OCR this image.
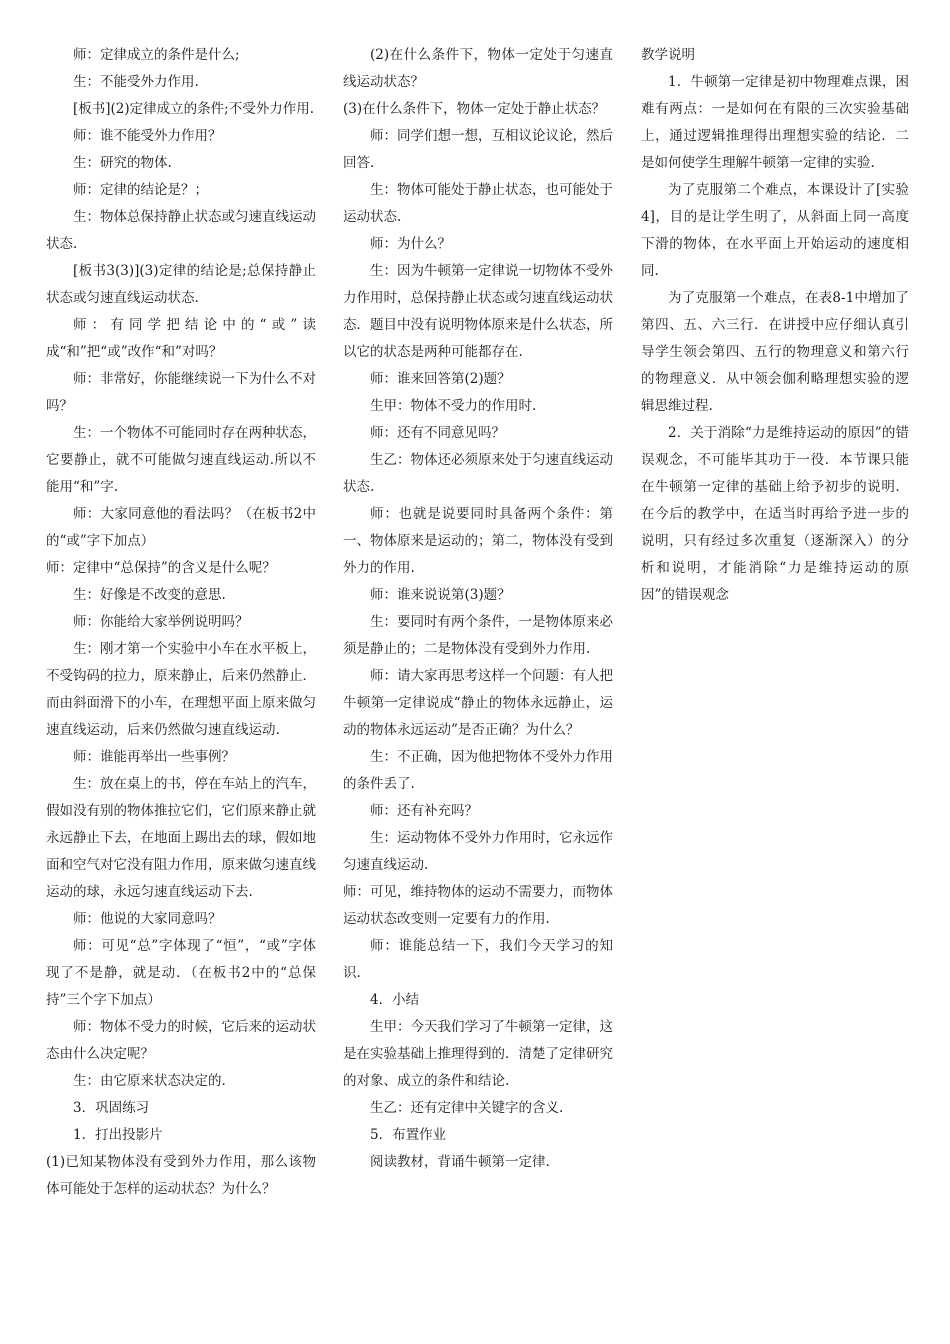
师：定律成立的条件是什么;

生：不能受外力作用.

[板书](2)定律成立的条件;不受外力作用.

师：谁不能受外力作用？

生：研究的物体.

师：定律的结论是？；

生：物体总保持静止状态或匀速直线运动状态.

[板书3(3)](3)定律的结论是;总保持静止状态或匀速直线运动状态.

师：有同学把结论中的“或”读成“和”把“或”改作“和”对吗？

师：非常好，你能继续说一下为什么不对吗？

生：一个物体不可能同时存在两种状态，它要静止，就不可能做匀速直线运动.所以不能用“和”字.

师：大家同意他的看法吗？（在板书2中的“或”字下加点）

师：定律中“总保持”的含义是什么呢？

生：好像是不改变的意思.

师：你能给大家举例说明吗？

生：刚才第一个实验中小车在水平板上，不受钩码的拉力，原来静止，后来仍然静止．而由斜面滑下的小车，在理想平面上原来做匀速直线运动，后来仍然做匀速直线运动.

师：谁能再举出一些事例？

生：放在桌上的书，停在车站上的汽车，假如没有别的物体推拉它们，它们原来静止就永远静止下去，在地面上踢出去的球，假如地面和空气对它没有阻力作用，原来做匀速直线运动的球，永远匀速直线运动下去.

师：他说的大家同意吗？

师：可见“总”字体现了“恒”，“或”字体现了不是静，就是动．（在板书2中的“总保持”三个字下加点）

师：物体不受力的时候，它后来的运动状态由什么决定呢？

生：由它原来状态决定的.

3．巩固练习

1．打出投影片

(1)已知某物体没有受到外力作用，那么该物体可能处于怎样的运动状态？为什么？

(2)在什么条件下，物体一定处于匀速直线运动状态？

(3)在什么条件下，物体一定处于静止状态？

师：同学们想一想，互相议论议论，然后回答.

生：物体可能处于静止状态，也可能处于运动状态.

师：为什么？

生：因为牛顿第一定律说一切物体不受外力作用时，总保持静止状态或匀速直线运动状态．题目中没有说明物体原来是什么状态，所以它的状态是两种可能都存在.

师：谁来回答第(2)题？

生甲：物体不受力的作用时.

师：还有不同意见吗？

生乙：物体还必须原来处于匀速直线运动状态.

师：也就是说要同时具备两个条件：第一、物体原来是运动的；第二，物体没有受到外力的作用.

师：谁来说说第(3)题？

生：要同时有两个条件，一是物体原来必须是静止的；二是物体没有受到外力作用.

师：请大家再思考这样一个问题：有人把牛顿第一定律说成“静止的物体永远静止，运动的物体永远运动”是否正确？为什么？

生：不正确，因为他把物体不受外力作用的条件丢了.

师：还有补充吗？

生：运动物体不受外力作用时，它永远作匀速直线运动.

师：可见，维持物体的运动不需要力，而物体运动状态改变则一定要有力的作用.

师：谁能总结一下，我们今天学习的知识.

4．小结

生甲：今天我们学习了牛顿第一定律，这是在实验基础上推理得到的．清楚了定律研究的对象、成立的条件和结论.

生乙：还有定律中关键字的含义.

5．布置作业

阅读教材，背诵牛顿第一定律.

教学说明

1．牛顿第一定律是初中物理难点课，困难有两点：一是如何在有限的三次实验基础上，通过逻辑推理得出理想实验的结论．二是如何使学生理解牛顿第一定律的实验.

为了克服第二个难点，本课设计了[实验4]，目的是让学生明了，从斜面上同一高度下滑的物体，在水平面上开始运动的速度相同.

为了克服第一个难点，在表8-1中增加了第四、五、六三行．在讲授中应仔细认真引导学生领会第四、五行的物理意义和第六行的物理意义．从中领会伽利略理想实验的逻辑思维过程.

2．关于消除“力是维持运动的原因”的错误观念，不可能毕其功于一役．本节课只能在牛顿第一定律的基础上给予初步的说明．在今后的教学中，在适当时再给予进一步的说明，只有经过多次重复（逐渐深入）的分析和说明，才能消除“力是维持运动的原因”的错误观念
